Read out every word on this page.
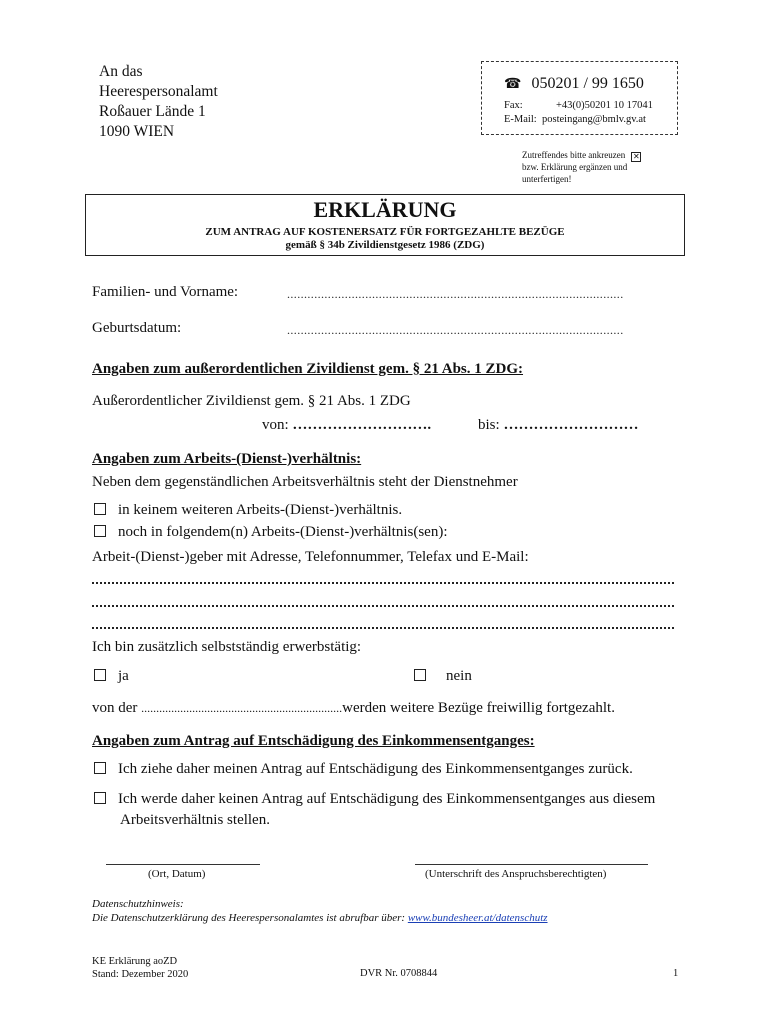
An das
Heerespersonalamt
Roßauer Lände 1
1090 WIEN
☎ 050201 / 99 1650
Fax:	+43(0)50201 10 17041
E-Mail: posteingang@bmlv.gv.at
Zutreffendes bitte ankreuzen ✕
bzw. Erklärung ergänzen und
unterfertigen!
ERKLÄRUNG
ZUM ANTRAG AUF KOSTENERSATZ FÜR FORTGEZAHLTE BEZÜGE
gemäß § 34b Zivildienstgesetz 1986 (ZDG)
Familien- und Vorname:	...................................................................................................
Geburtsdatum:	...................................................................................................
Angaben zum außerordentlichen Zivildienst gem. § 21 Abs. 1 ZDG:
Außerordentlicher Zivildienst gem. § 21 Abs. 1 ZDG
von: ……………………….	bis: ………………………
Angaben zum Arbeits-(Dienst-)verhältnis:
Neben dem gegenständlichen Arbeitsverhältnis steht der Dienstnehmer
in keinem weiteren Arbeits-(Dienst-)verhältnis.
noch in folgendem(n) Arbeits-(Dienst-)verhältnis(sen):
Arbeit-(Dienst-)geber mit Adresse, Telefonnummer, Telefax und E-Mail:
Ich bin zusätzlich selbstständig erwerbstätig:
ja	nein
von der ...................................................................werden weitere Bezüge freiwillig fortgezahlt.
Angaben zum Antrag auf Entschädigung des Einkommensentganges:
Ich ziehe daher meinen Antrag auf Entschädigung des Einkommensentganges zurück.
Ich werde daher keinen Antrag auf Entschädigung des Einkommensentganges aus diesem
Arbeitsverhältnis stellen.
(Ort, Datum)	(Unterschrift des Anspruchsberechtigten)
Datenschutzhinweis:
Die Datenschutzerklärung des Heerespersonalamtes ist abrufbar über: www.bundesheer.at/datenschutz
KE Erklärung aoZD
Stand: Dezember 2020	DVR Nr. 0708844	1
